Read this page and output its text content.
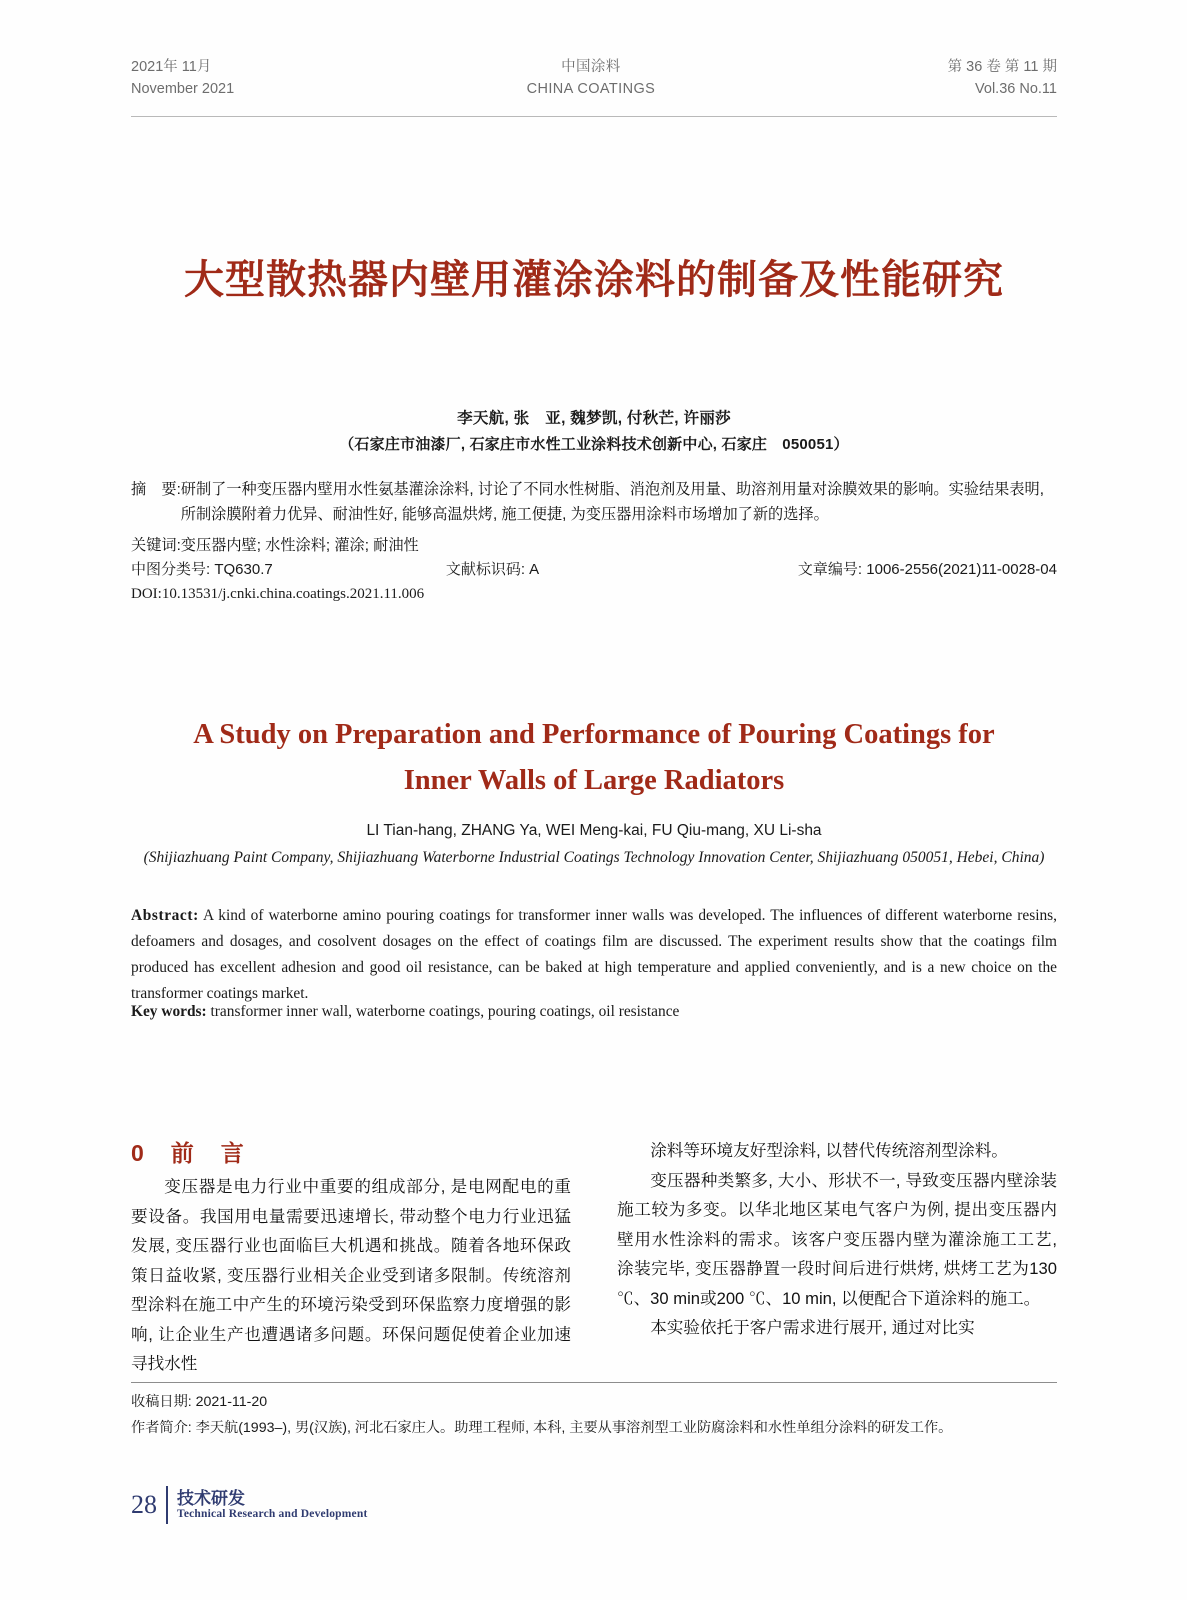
2021年 11月
November 2021
中国涂料
CHINA COATINGS
第 36 卷 第 11 期
Vol.36 No.11
大型散热器内壁用灌涂涂料的制备及性能研究
李天航, 张　亚, 魏梦凯, 付秋芒, 许丽莎
（石家庄市油漆厂, 石家庄市水性工业涂料技术创新中心, 石家庄　050051）
摘　要: 研制了一种变压器内壁用水性氨基灌涂涂料, 讨论了不同水性树脂、消泡剂及用量、助溶剂用量对涂膜效果的影响。实验结果表明, 所制涂膜附着力优异、耐油性好, 能够高温烘烤, 施工便捷, 为变压器用涂料市场增加了新的选择。
关键词: 变压器内壁; 水性涂料; 灌涂; 耐油性
中图分类号: TQ630.7	文献标识码: A	文章编号: 1006-2556(2021)11-0028-04
DOI:10.13531/j.cnki.china.coatings.2021.11.006
A Study on Preparation and Performance of Pouring Coatings for Inner Walls of Large Radiators
LI Tian-hang, ZHANG Ya, WEI Meng-kai, FU Qiu-mang, XU Li-sha
(Shijiazhuang Paint Company, Shijiazhuang Waterborne Industrial Coatings Technology Innovation Center, Shijiazhuang 050051, Hebei, China)
Abstract: A kind of waterborne amino pouring coatings for transformer inner walls was developed. The influences of different waterborne resins, defoamers and dosages, and cosolvent dosages on the effect of coatings film are discussed. The experiment results show that the coatings film produced has excellent adhesion and good oil resistance, can be baked at high temperature and applied conveniently, and is a new choice on the transformer coatings market.
Key words: transformer inner wall, waterborne coatings, pouring coatings, oil resistance
0　前　言

变压器是电力行业中重要的组成部分, 是电网配电的重要设备。我国用电量需要迅速增长, 带动整个电力行业迅猛发展, 变压器行业也面临巨大机遇和挑战。随着各地环保政策日益收紧, 变压器行业相关企业受到诸多限制。传统溶剂型涂料在施工中产生的环境污染受到环保监察力度增强的影响, 让企业生产也遭遇诸多问题。环保问题促使着企业加速寻找水性

涂料等环境友好型涂料, 以替代传统溶剂型涂料。

变压器种类繁多, 大小、形状不一, 导致变压器内壁涂装施工较为多变。以华北地区某电气客户为例, 提出变压器内壁用水性涂料的需求。该客户变压器内壁为灌涂施工工艺, 涂装完毕, 变压器静置一段时间后进行烘烤, 烘烤工艺为130 ℃、30 min或200 ℃、10 min, 以便配合下道涂料的施工。

本实验依托于客户需求进行展开, 通过对比实

收稿日期: 2021-11-20
作者简介: 李天航(1993–), 男(汉族), 河北石家庄人。助理工程师, 本科, 主要从事溶剂型工业防腐涂料和水性单组分涂料的研发工作。
28	技术研发
Technical Research and Development
